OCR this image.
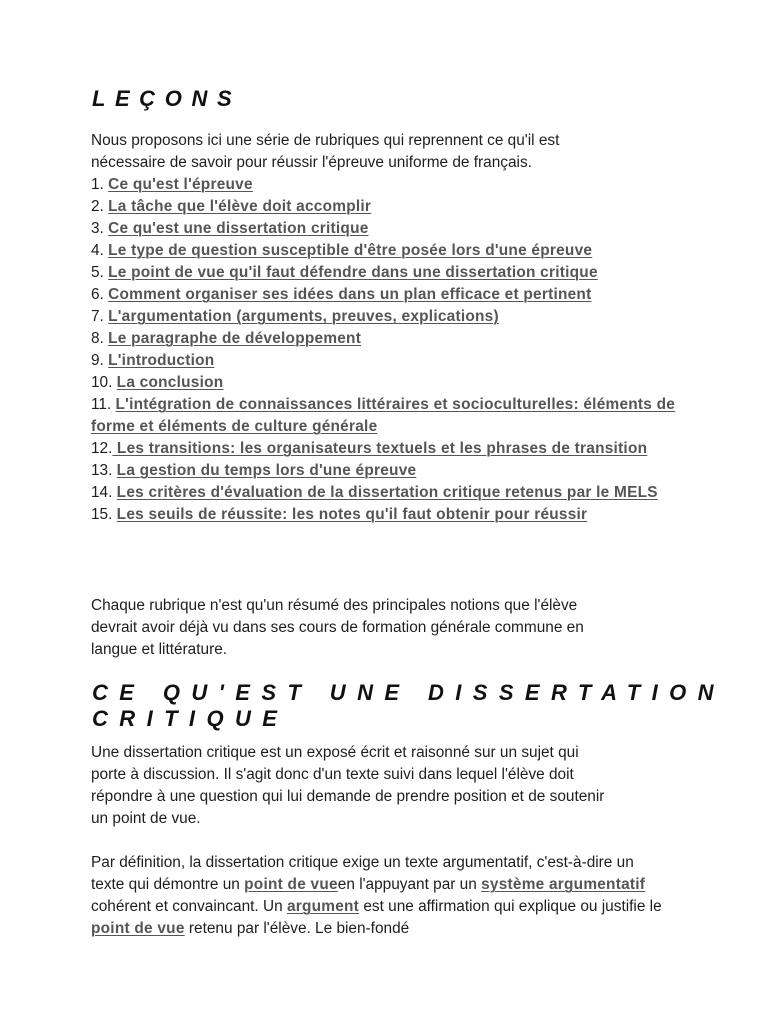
LEÇONS

Nous proposons ici une série de rubriques qui reprennent ce qu'il est
nécessaire de savoir pour réussir l'épreuve uniforme de français.

1. Ce qu'est l'épreuve
2. La tâche que l'élève doit accomplir
3. Ce qu'est une dissertation critique
4. Le type de question susceptible d'être posée lors d'une épreuve
5. Le point de vue qu'il faut défendre dans une dissertation critique
6. Comment organiser ses idées dans un plan efficace et pertinent
7. L'argumentation (arguments, preuves, explications)
8. Le paragraphe de développement
9. L'introduction
10. La conclusion
11. L'intégration de connaissances littéraires et socioculturelles: éléments de forme et éléments de culture générale
12. Les transitions: les organisateurs textuels et les phrases de transition
13. La gestion du temps lors d'une épreuve
14. Les critères d'évaluation de la dissertation critique retenus par le MELS
15. Les seuils de réussite: les notes qu'il faut obtenir pour réussir

Chaque rubrique n'est qu'un résumé des principales notions que l'élève
devrait avoir déjà vu dans ses cours de formation générale commune en
langue et littérature.

CE QU'EST UNE DISSERTATION
CRITIQUE

Une dissertation critique est un exposé écrit et raisonné sur un sujet qui
porte à discussion. Il s'agit donc d'un texte suivi dans lequel l'élève doit
répondre à une question qui lui demande de prendre position et de soutenir
un point de vue.

Par définition, la dissertation critique exige un texte argumentatif, c'est-à-dire un texte qui démontre un point de vueen l'appuyant par un système argumentatif cohérent et convaincant. Un argument est une affirmation qui explique ou justifie le point de vue retenu par l'élève. Le bien-fondé
